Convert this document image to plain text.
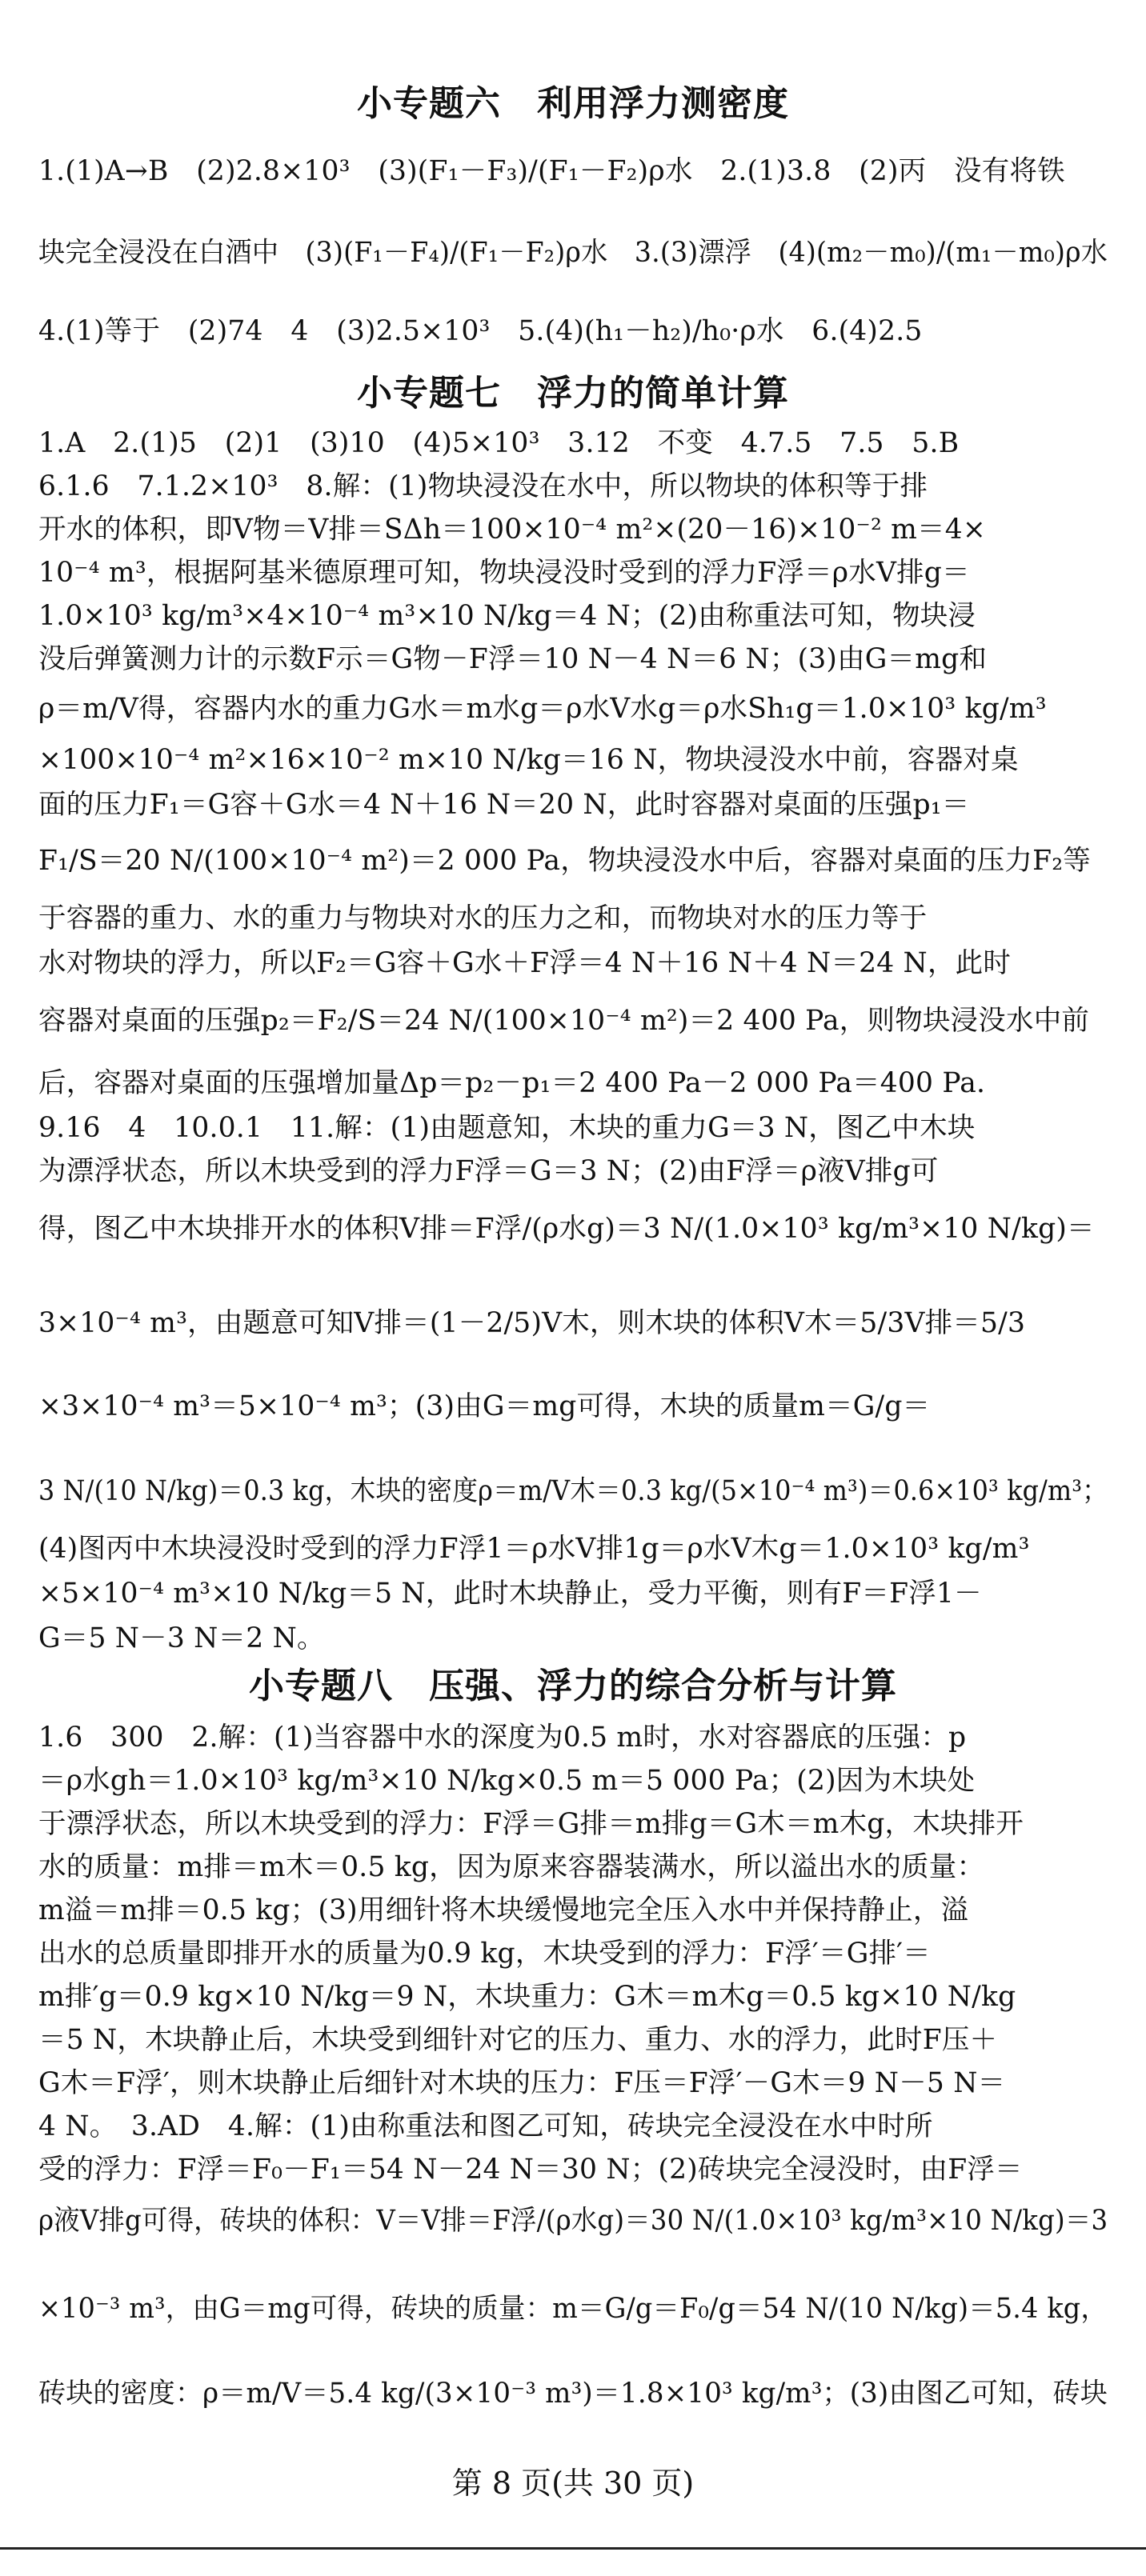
小专题六　利用浮力测密度
1.(1)A→B　(2)2.8×10³　(3)(F₁－F₃)/(F₁－F₂)ρ水　2.(1)3.8　(2)丙　没有将铁
块完全浸没在白酒中　(3)(F₁－F₄)/(F₁－F₂)ρ水　3.(3)漂浮　(4)(m₂－m₀)/(m₁－m₀)ρ水
4.(1)等于　(2)74　4　(3)2.5×10³　5.(4)(h₁－h₂)/h₀·ρ水　6.(4)2.5
小专题七　浮力的简单计算
1.A　2.(1)5　(2)1　(3)10　(4)5×10³　3.12　不变　4.7.5　7.5　5.B
6.1.6　7.1.2×10³　8.解：(1)物块浸没在水中，所以物块的体积等于排
开水的体积，即V物＝V排＝SΔh＝100×10⁻⁴ m²×(20－16)×10⁻² m＝4×
10⁻⁴ m³，根据阿基米德原理可知，物块浸没时受到的浮力F浮＝ρ水V排g＝
1.0×10³ kg/m³×4×10⁻⁴ m³×10 N/kg＝4 N；(2)由称重法可知，物块浸
没后弹簧测力计的示数F示＝G物－F浮＝10 N－4 N＝6 N；(3)由G＝mg和
ρ＝m/V得，容器内水的重力G水＝m水g＝ρ水V水g＝ρ水Sh₁g＝1.0×10³ kg/m³
×100×10⁻⁴ m²×16×10⁻² m×10 N/kg＝16 N，物块浸没水中前，容器对桌
面的压力F₁＝G容＋G水＝4 N＋16 N＝20 N，此时容器对桌面的压强p₁＝
F₁/S＝20 N/(100×10⁻⁴ m²)＝2 000 Pa，物块浸没水中后，容器对桌面的压力F₂等
于容器的重力、水的重力与物块对水的压力之和，而物块对水的压力等于
水对物块的浮力，所以F₂＝G容＋G水＋F浮＝4 N＋16 N＋4 N＝24 N，此时
容器对桌面的压强p₂＝F₂/S＝24 N/(100×10⁻⁴ m²)＝2 400 Pa，则物块浸没水中前
后，容器对桌面的压强增加量Δp＝p₂－p₁＝2 400 Pa－2 000 Pa＝400 Pa.
9.16　4　10.0.1　11.解：(1)由题意知，木块的重力G＝3 N，图乙中木块
为漂浮状态，所以木块受到的浮力F浮＝G＝3 N；(2)由F浮＝ρ液V排g可
得，图乙中木块排开水的体积V排＝F浮/(ρ水g)＝3 N/(1.0×10³ kg/m³×10 N/kg)＝
3×10⁻⁴ m³，由题意可知V排＝(1－2/5)V木，则木块的体积V木＝5/3V排＝5/3
×3×10⁻⁴ m³＝5×10⁻⁴ m³；(3)由G＝mg可得，木块的质量m＝G/g＝
3 N/(10 N/kg)＝0.3 kg，木块的密度ρ＝m/V木＝0.3 kg/(5×10⁻⁴ m³)＝0.6×10³ kg/m³；
(4)图丙中木块浸没时受到的浮力F浮1＝ρ水V排1g＝ρ水V木g＝1.0×10³ kg/m³
×5×10⁻⁴ m³×10 N/kg＝5 N，此时木块静止，受力平衡，则有F＝F浮1－
G＝5 N－3 N＝2 N。
小专题八　压强、浮力的综合分析与计算
1.6　300　2.解：(1)当容器中水的深度为0.5 m时，水对容器底的压强：p
＝ρ水gh＝1.0×10³ kg/m³×10 N/kg×0.5 m＝5 000 Pa；(2)因为木块处
于漂浮状态，所以木块受到的浮力：F浮＝G排＝m排g＝G木＝m木g，木块排开
水的质量：m排＝m木＝0.5 kg，因为原来容器装满水，所以溢出水的质量：
m溢＝m排＝0.5 kg；(3)用细针将木块缓慢地完全压入水中并保持静止，溢
出水的总质量即排开水的质量为0.9 kg，木块受到的浮力：F浮′＝G排′＝
m排′g＝0.9 kg×10 N/kg＝9 N，木块重力：G木＝m木g＝0.5 kg×10 N/kg
＝5 N，木块静止后，木块受到细针对它的压力、重力、水的浮力，此时F压＋
G木＝F浮′，则木块静止后细针对木块的压力：F压＝F浮′－G木＝9 N－5 N＝
4 N。　3.AD　4.解：(1)由称重法和图乙可知，砖块完全浸没在水中时所
受的浮力：F浮＝F₀－F₁＝54 N－24 N＝30 N；(2)砖块完全浸没时，由F浮＝
ρ液V排g可得，砖块的体积：V＝V排＝F浮/(ρ水g)＝30 N/(1.0×10³ kg/m³×10 N/kg)＝3
×10⁻³ m³，由G＝mg可得，砖块的质量：m＝G/g＝F₀/g＝54 N/(10 N/kg)＝5.4 kg，
砖块的密度：ρ＝m/V＝5.4 kg/(3×10⁻³ m³)＝1.8×10³ kg/m³；(3)由图乙可知，砖块
第 8 页(共 30 页)
